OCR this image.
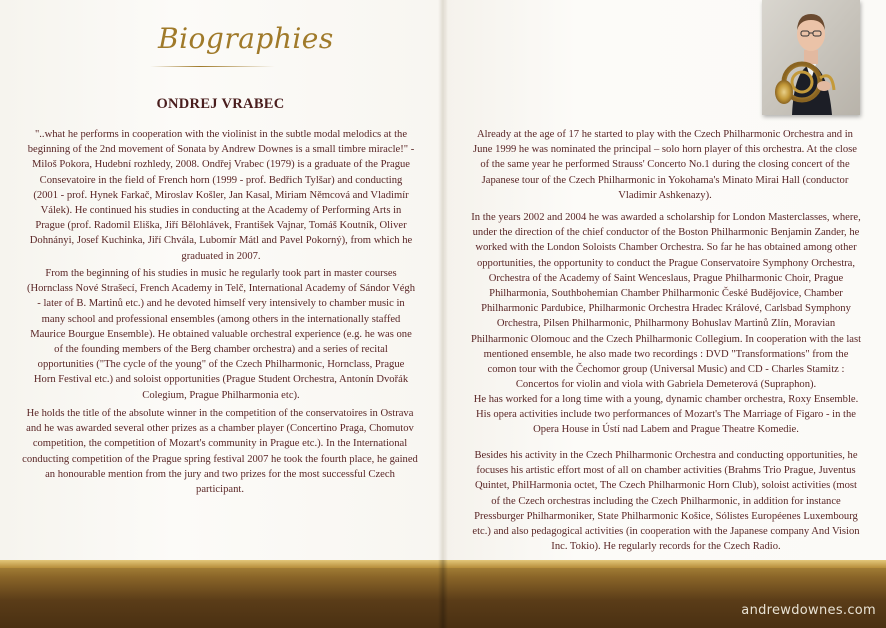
Biographies
ONDREJ VRABEC

"..what he performs in cooperation with the violinist in the subtle modal melodics at the beginning of the 2nd movement of Sonata by Andrew Downes is a small timbre miracle!" - Miloš Pokora, Hudební rozhledy, 2008. Ondřej Vrabec (1979) is a graduate of the Prague Consevatoire in the field of French horn (1999 - prof. Bedřich Tylšar) and conducting (2001 - prof. Hynek Farkač, Miroslav Košler, Jan Kasal, Miriam Němcová and Vladimír Válek). He continued his studies in conducting at the Academy of Performing Arts in Prague (prof. Radomil Eliška, Jiří Bělohlávek, František Vajnar, Tomáš Koutník, Oliver Dohnányi, Josef Kuchinka, Jiří Chvála, Lubomír Mátl and Pavel Pokorný), from which he graduated in 2007.

From the beginning of his studies in music he regularly took part in master courses (Hornclass Nové Strašecí, French Academy in Telč, International Academy of Sándor Végh - later of B. Martinů etc.) and he devoted himself very intensively to chamber music in many school and professional ensembles (among others in the internationally staffed Maurice Bourgue Ensemble). He obtained valuable orchestral experience (e.g. he was one of the founding members of the Berg chamber orchestra) and a series of recital opportunities ("The cycle of the young" of the Czech Philharmonic, Hornclass, Prague Horn Festival etc.) and soloist opportunities (Prague Student Orchestra, Antonín Dvořák Colegium, Prague Philharmonia etc).

He holds the title of the absolute winner in the competition of the conservatoires in Ostrava and he was awarded several other prizes as a chamber player (Concertino Praga, Chomutov competition, the competition of Mozart's community in Prague etc.). In the International conducting competition of the Prague spring festival 2007 he took the fourth place, he gained an honourable mention from the jury and two prizes for the most successful Czech participant.

Already at the age of 17 he started to play with the Czech Philharmonic Orchestra and in June 1999 he was nominated the principal – solo horn player of this orchestra. At the close of the same year he performed Strauss' Concerto No.1 during the closing concert of the Japanese tour of the Czech Philharmonic in Yokohama's Minato Mirai Hall (conductor Vladimir Ashkenazy).

In the years 2002 and 2004 he was awarded a scholarship for London Masterclasses, where, under the direction of the chief conductor of the Boston Philharmonic Benjamin Zander, he worked with the London Soloists Chamber Orchestra. So far he has obtained among other opportunities, the opportunity to conduct the Prague Conservatoire Symphony Orchestra, Orchestra of the Academy of Saint Wenceslaus, Prague Philharmonic Choir, Prague Philharmonia, Southbohemian Chamber Philharmonic České Budějovice, Chamber Philharmonic Pardubice, Philharmonic Orchestra Hradec Králové, Carlsbad Symphony Orchestra, Pilsen Philharmonic, Philharmony Bohuslav Martinů Zlín, Moravian Philharmonic Olomouc and the Czech Philharmonic Collegium. In cooperation with the last mentioned ensemble, he also made two recordings : DVD "Transformations" from the comon tour with the Čechomor group (Universal Music) and CD - Charles Stamitz : Concertos for violin and viola with Gabriela Demeterová (Supraphon).

He has worked for a long time with a young, dynamic chamber orchestra, Roxy Ensemble. His opera activities include two performances of Mozart's The Marriage of Figaro - in the Opera House in Ústí nad Labem and Prague Theatre Komedie.

Besides his activity in the Czech Philharmonic Orchestra and conducting opportunities, he focuses his artistic effort most of all on chamber activities (Brahms Trio Prague, Juventus Quintet, PhilHarmonia octet, The Czech Philharmonic Horn Club), soloist activities (most of the Czech orchestras including the Czech Philharmonic, in addition for instance Pressburger Philharmoniker, State Philharmonic Košice, Sólistes Européenes Luxembourg etc.) and also pedagogical activities (in cooperation with the Japanese company And Vision Inc. Tokio). He regularly records for the Czech Radio.

andrewdownes.com
